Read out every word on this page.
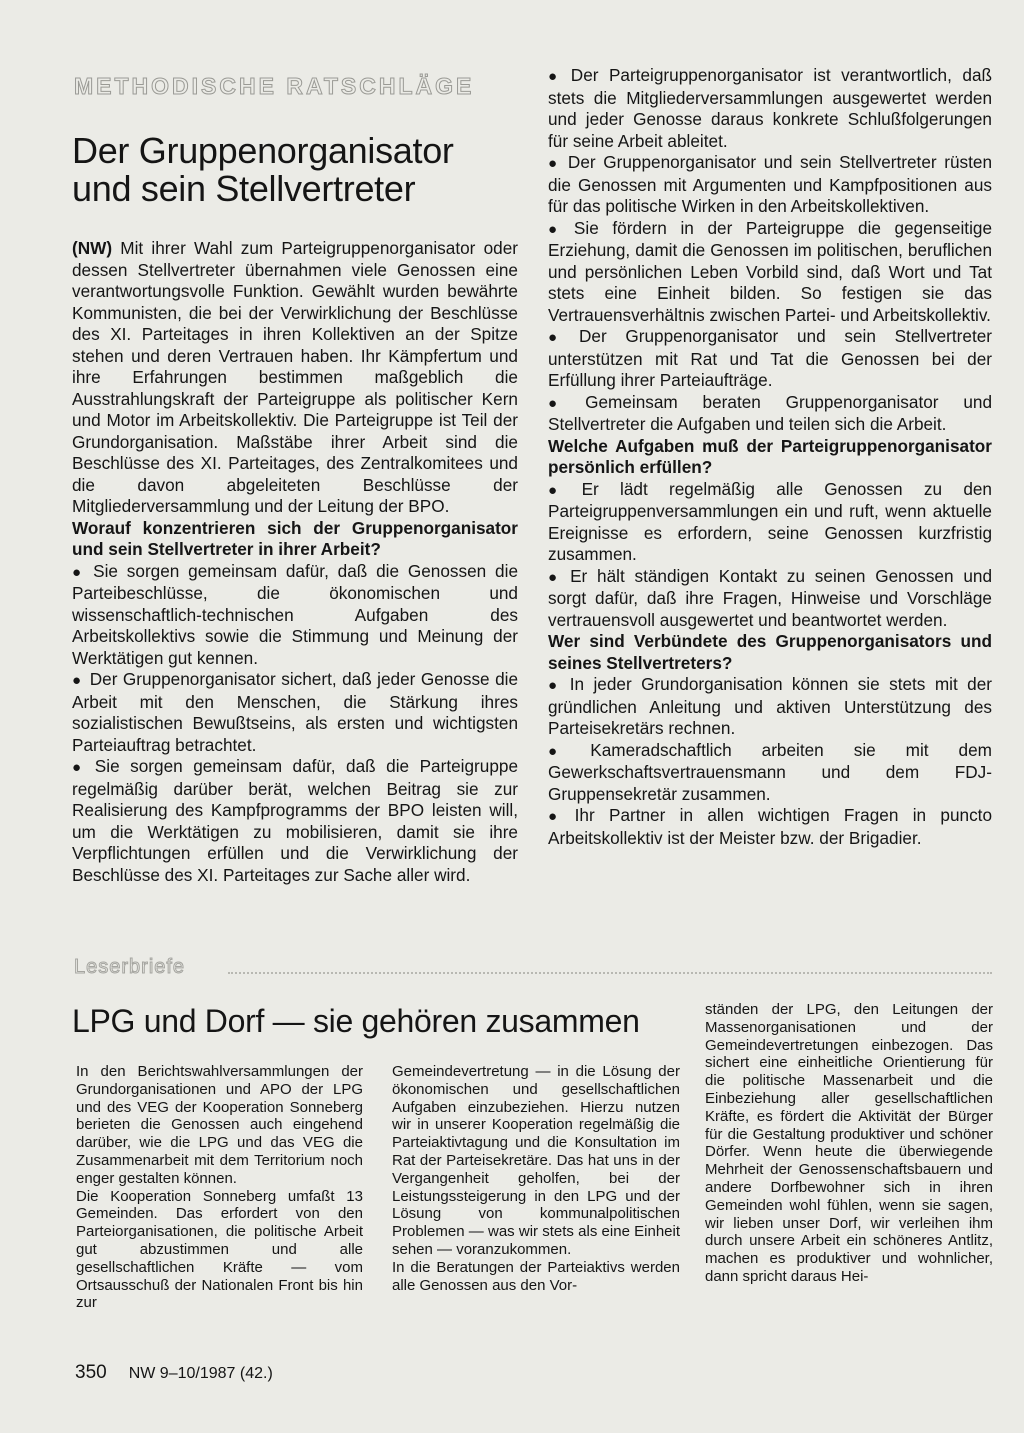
METHODISCHE RATSCHLÄGE
Der Gruppenorganisator
und sein Stellvertreter

(NW) Mit ihrer Wahl zum Parteigruppenorganisator oder dessen Stellvertreter übernahmen viele Genossen eine verantwortungsvolle Funktion. Gewählt wurden bewährte Kommunisten, die bei der Verwirklichung der Beschlüsse des XI. Parteitages in ihren Kollektiven an der Spitze stehen und deren Vertrauen haben. Ihr Kämpfertum und ihre Erfahrungen bestimmen maßgeblich die Ausstrahlungskraft der Parteigruppe als politischer Kern und Motor im Arbeitskollektiv. Die Parteigruppe ist Teil der Grundorganisation. Maßstäbe ihrer Arbeit sind die Beschlüsse des XI. Parteitages, des Zentralkomitees und die davon abgeleiteten Beschlüsse der Mitgliederversammlung und der Leitung der BPO.

Worauf konzentrieren sich der Gruppenorganisator und sein Stellvertreter in ihrer Arbeit?

● Sie sorgen gemeinsam dafür, daß die Genossen die Parteibeschlüsse, die ökonomischen und wissenschaftlich-technischen Aufgaben des Arbeitskollektivs sowie die Stimmung und Meinung der Werktätigen gut kennen.

● Der Gruppenorganisator sichert, daß jeder Genosse die Arbeit mit den Menschen, die Stärkung ihres sozialistischen Bewußtseins, als ersten und wichtigsten Parteiauftrag betrachtet.

● Sie sorgen gemeinsam dafür, daß die Parteigruppe regelmäßig darüber berät, welchen Beitrag sie zur Realisierung des Kampfprogramms der BPO leisten will, um die Werktätigen zu mobilisieren, damit sie ihre Verpflichtungen erfüllen und die Verwirklichung der Beschlüsse des XI. Parteitages zur Sache aller wird.

● Der Parteigruppenorganisator ist verantwortlich, daß stets die Mitgliederversammlungen ausgewertet werden und jeder Genosse daraus konkrete Schlußfolgerungen für seine Arbeit ableitet.

● Der Gruppenorganisator und sein Stellvertreter rüsten die Genossen mit Argumenten und Kampfpositionen aus für das politische Wirken in den Arbeitskollektiven.

● Sie fördern in der Parteigruppe die gegenseitige Erziehung, damit die Genossen im politischen, beruflichen und persönlichen Leben Vorbild sind, daß Wort und Tat stets eine Einheit bilden. So festigen sie das Vertrauensverhältnis zwischen Partei- und Arbeitskollektiv.

● Der Gruppenorganisator und sein Stellvertreter unterstützen mit Rat und Tat die Genossen bei der Erfüllung ihrer Parteiaufträge.

● Gemeinsam beraten Gruppenorganisator und Stellvertreter die Aufgaben und teilen sich die Arbeit.

Welche Aufgaben muß der Parteigruppenorganisator persönlich erfüllen?

● Er lädt regelmäßig alle Genossen zu den Parteigruppenversammlungen ein und ruft, wenn aktuelle Ereignisse es erfordern, seine Genossen kurzfristig zusammen.

● Er hält ständigen Kontakt zu seinen Genossen und sorgt dafür, daß ihre Fragen, Hinweise und Vorschläge vertrauensvoll ausgewertet und beantwortet werden.

Wer sind Verbündete des Gruppenorganisators und seines Stellvertreters?

● In jeder Grundorganisation können sie stets mit der gründlichen Anleitung und aktiven Unterstützung des Parteisekretärs rechnen.

● Kameradschaftlich arbeiten sie mit dem Gewerkschaftsvertrauensmann und dem FDJ-Gruppensekretär zusammen.

● Ihr Partner in allen wichtigen Fragen in puncto Arbeitskollektiv ist der Meister bzw. der Brigadier.

Leserbriefe
LPG und Dorf — sie gehören zusammen

In den Berichtswahlversammlungen der Grundorganisationen und APO der LPG und des VEG der Kooperation Sonneberg berieten die Genossen auch eingehend darüber, wie die LPG und das VEG die Zusammenarbeit mit dem Territorium noch enger gestalten können.

Die Kooperation Sonneberg umfaßt 13 Gemeinden. Das erfordert von den Parteiorganisationen, die politische Arbeit gut abzustimmen und alle gesellschaftlichen Kräfte — vom Ortsausschuß der Nationalen Front bis hin zur

Gemeindevertretung — in die Lösung der ökonomischen und gesellschaftlichen Aufgaben einzubeziehen. Hierzu nutzen wir in unserer Kooperation regelmäßig die Parteiaktivtagung und die Konsultation im Rat der Parteisekretäre. Das hat uns in der Vergangenheit geholfen, bei der Leistungssteigerung in den LPG und der Lösung von kommunalpolitischen Problemen — was wir stets als eine Einheit sehen — voranzukommen.

In die Beratungen der Parteiaktivs werden alle Genossen aus den Vor-

ständen der LPG, den Leitungen der Massenorganisationen und der Gemeindevertretungen einbezogen. Das sichert eine einheitliche Orientierung für die politische Massenarbeit und die Einbeziehung aller gesellschaftlichen Kräfte, es fördert die Aktivität der Bürger für die Gestaltung produktiver und schöner Dörfer. Wenn heute die überwiegende Mehrheit der Genossenschaftsbauern und andere Dorfbewohner sich in ihren Gemeinden wohl fühlen, wenn sie sagen, wir lieben unser Dorf, wir verleihen ihm durch unsere Arbeit ein schöneres Antlitz, machen es produktiver und wohnlicher, dann spricht daraus Hei-

350 NW 9–10/1987 (42.)
